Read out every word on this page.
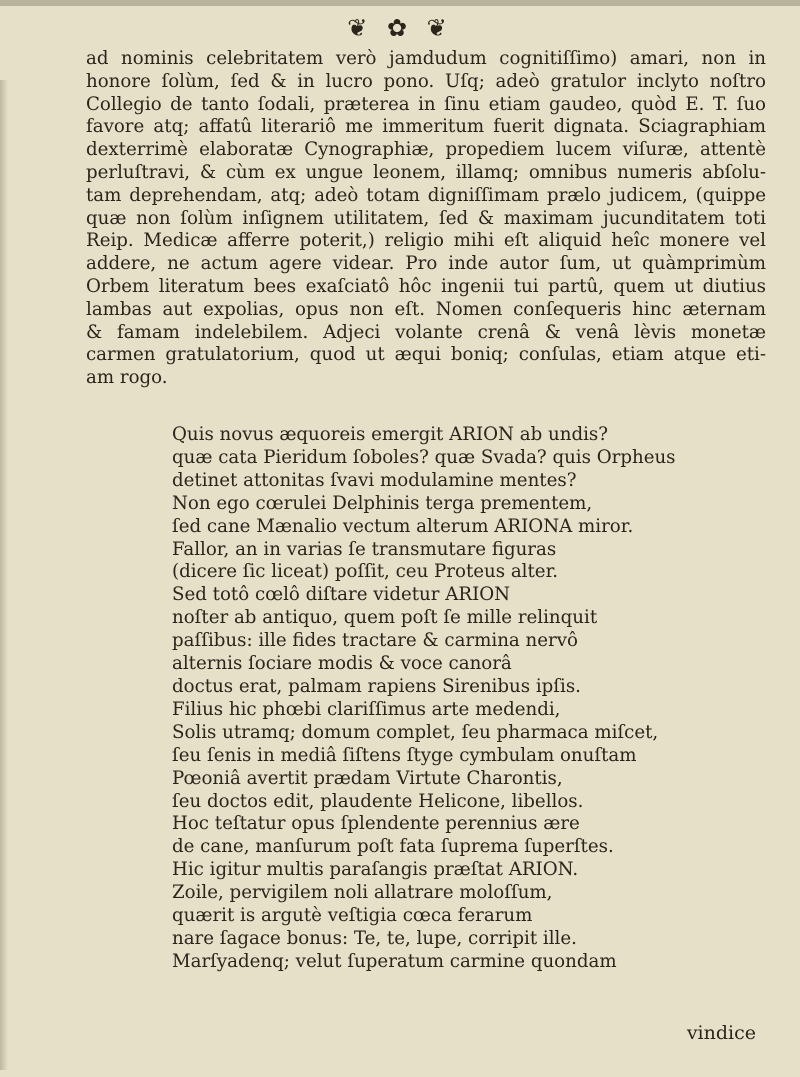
❦ ✿ ❦
ad nominis celebritatem verò jamdudum cognitiſſimo) amari, non in
honore ſolùm, ſed & in lucro pono. Uſq; adeò gratulor inclyto noſtro
Collegio de tanto ſodali, præterea in ſinu etiam gaudeo, quòd E. T. ſuo
favore atq; affatû literariô me immeritum fuerit dignata. Sciagraphiam
dexterrimè elaboratæ Cynographiæ, propediem lucem viſuræ, attentè
perluſtravi, & cùm ex ungue leonem, illamq; omnibus numeris abſolu-
tam deprehendam, atq; adeò totam digniſſimam prælo judicem, (quippe
quæ non ſolùm inſignem utilitatem, ſed & maximam jucunditatem toti
Reip. Medicæ afferre poterit,) religio mihi eſt aliquid heîc monere vel
addere, ne actum agere videar. Pro inde autor ſum, ut quàmprimùm
Orbem literatum bees exaſciatô hôc ingenii tui partû, quem ut diutius
lambas aut expolias, opus non eſt. Nomen conſequeris hinc æternam
& famam indelebilem. Adjeci volante crenâ & venâ lèvis monetæ
carmen gratulatorium, quod ut æqui boniq; conſulas, etiam atque eti-
am rogo.
Quis novus æquoreis emergit ARION ab undis?
quæ cata Pieridum ſoboles? quæ Svada? quis Orpheus
detinet attonitas ſvavi modulamine mentes?
Non ego cœrulei Delphinis terga prementem,
ſed cane Mænalio vectum alterum ARIONA miror.
Fallor, an in varias ſe transmutare figuras
(dicere ſic liceat) poſſit, ceu Proteus alter.
Sed totô cœlô diſtare videtur ARION
noſter ab antiquo, quem poſt ſe mille relinquit
paſſibus: ille fides tractare & carmina nervô
alternis ſociare modis & voce canorâ
doctus erat, palmam rapiens Sirenibus ipſis.
Filius hic phœbi clariſſimus arte medendi,
Solis utramq; domum complet, ſeu pharmaca miſcet,
ſeu ſenis in mediâ ſiſtens ſtyge cymbulam onuſtam
Pœoniâ avertit prædam Virtute Charontis,
ſeu doctos edit, plaudente Helicone, libellos.
Hoc teſtatur opus ſplendente perennius ære
de cane, manſurum poſt fata ſuprema ſuperſtes.
Hic igitur multis paraſangis præſtat ARION.
Zoile, pervigilem noli allatrare moloſſum,
quærit is argutè veſtigia cœca ferarum
nare ſagace bonus: Te, te, lupe, corripit ille.
Marſyadenq; velut ſuperatum carmine quondam
vindice
